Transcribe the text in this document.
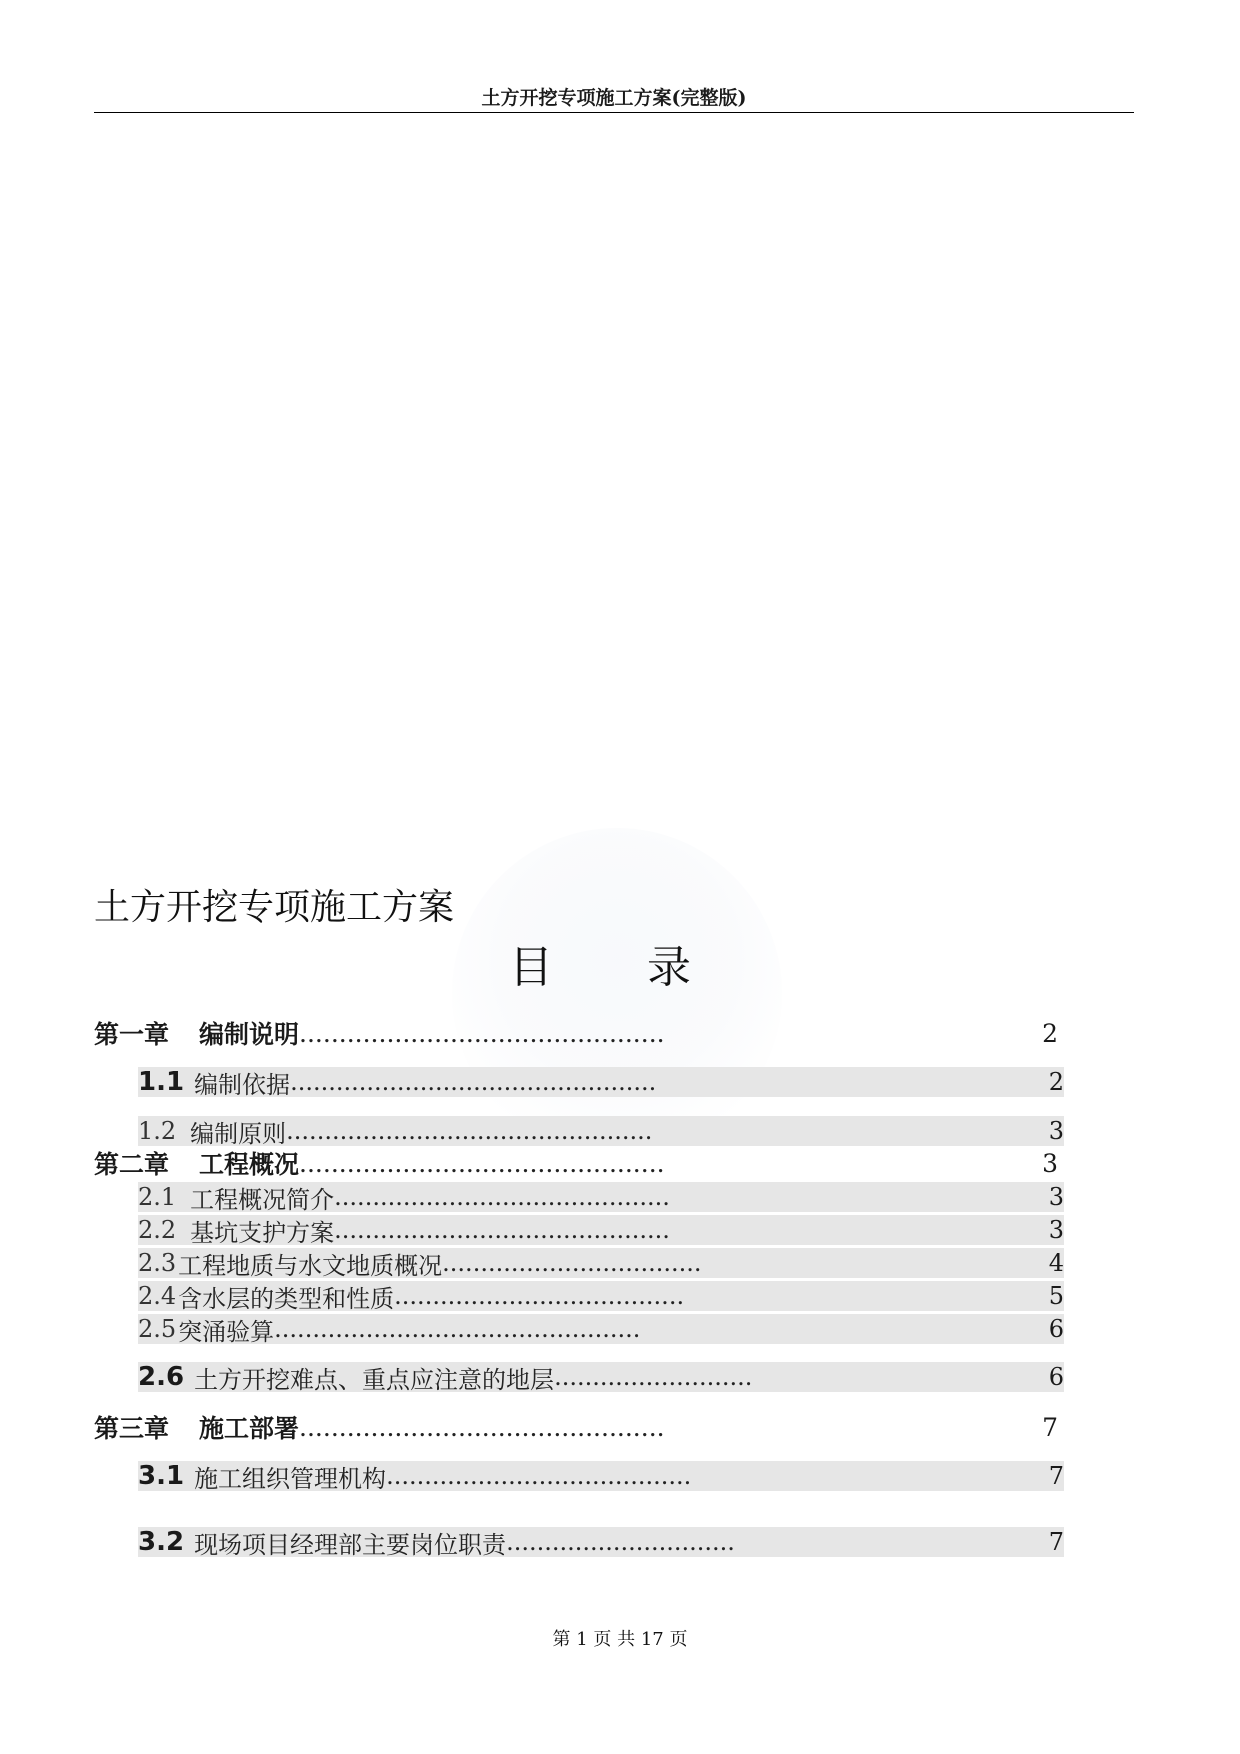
土方开挖专项施工方案(完整版)
土方开挖专项施工方案
目 录
第一章 编制说明 ..............................................	2
1.1 编制依据 ................................................	2
1.2 编制原则 ................................................	3
第二章 工程概况 ..............................................	3
2.1 工程概况简介 ............................................	3
2.2 基坑支护方案 ............................................	3
2.3 工程地质与水文地质概况 ..................................	4
2.4 含水层的类型和性质 ......................................	5
2.5 突涌验算 ................................................	6
2.6 土方开挖难点、重点应注意的地层 ..........................	6
第三章 施工部署 ..............................................	7
3.1 施工组织管理机构 ........................................	7
3.2 现场项目经理部主要岗位职责 ..............................	7
第 1 页 共 17 页
